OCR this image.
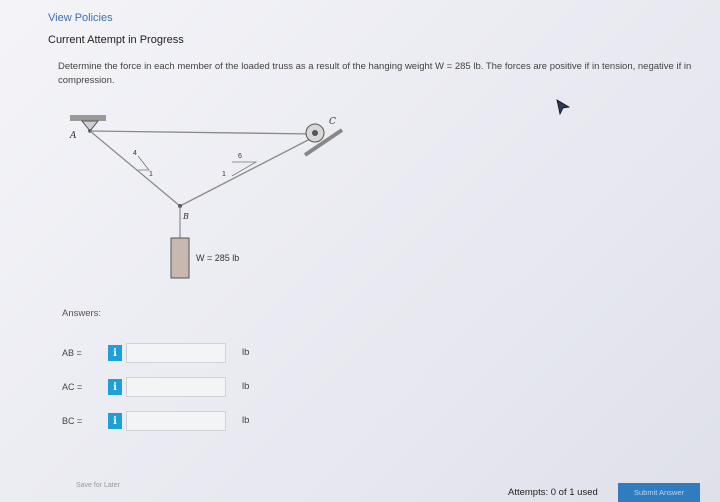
View Policies
Current Attempt in Progress
Determine the force in each member of the loaded truss as a result of the hanging weight W = 285 lb. The forces are positive if in tension, negative if in compression.
A
4
1
6
1
C
B
W = 285 lb
Answers:
AB =	i	lb
AC =	i	lb
BC =	i	lb
Save for Later
Attempts: 0 of 1 used	Submit Answer
